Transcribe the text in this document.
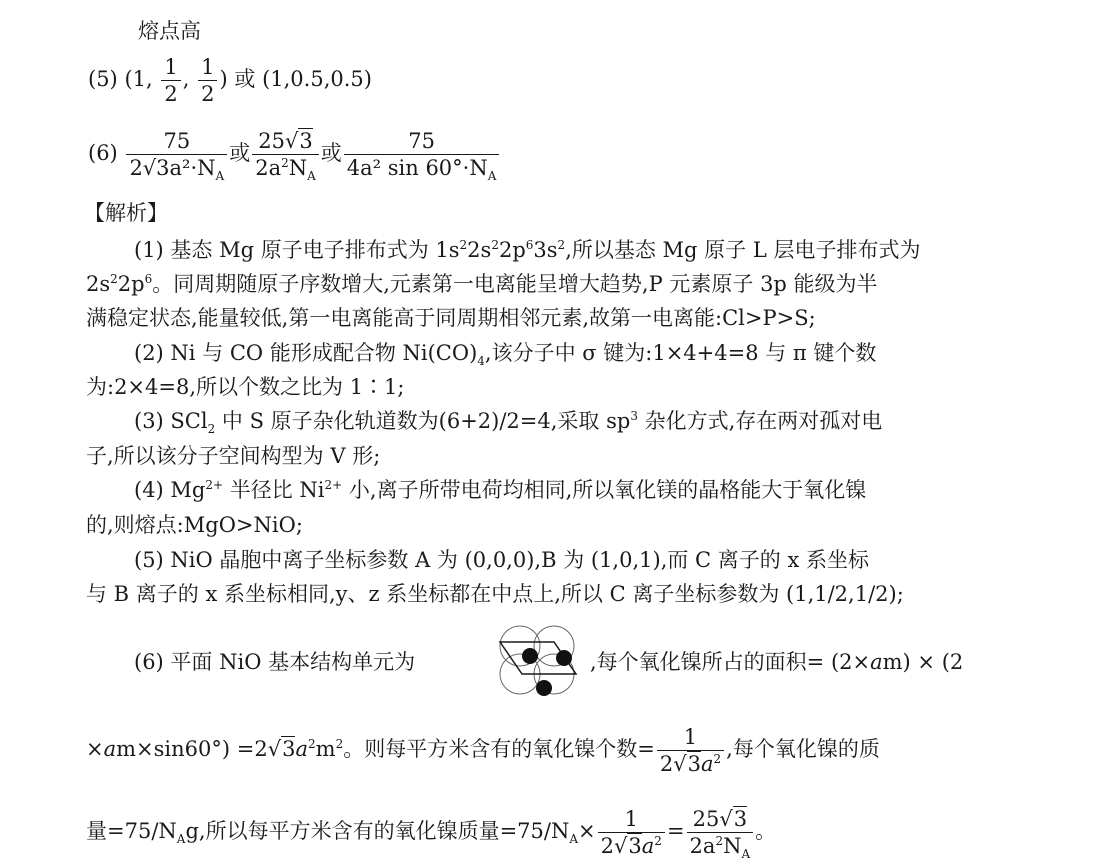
熔点高
(5) (1, $\frac{1}{2}$ , $\frac{1}{2}$ ) 或 (1,0.5,0.5)
$(6) \frac{75}{2√3a^2\cdot N_A}$ 或 $\frac{25√3}{2a^2N_A}$ 或 $\frac{75}{4a^2 \sin 60^\circ\cdot N_A}$
【解析】
(1) 基态 Mg 原子电子排布式为 $1s^22s^22p^63s^2$,所以基态 Mg 原子 L 层电子排布式为
$2s^22p^6$。同周期随原子序数增大,元素第一电离能呈增大趋势,P 元素原子 3p 能级为半
满稳定状态,能量较低,第一电离能高于同周期相邻元素,故第一电离能:Cl>P>S;
(2) Ni 与 CO 能形成配合物 $Ni(CO)_4$,该分子中 σ 键为:1×4+4=8 与 π 键个数
为:2×4=8,所以个数之比为 1∶1;
(3) SCl$_2$ 中 S 原子杂化轨道数为(6+2)/2=4,采取 $sp^3$ 杂化方式,存在两对孤对电
子,所以该分子空间构型为 V 形;
(4) $Mg^{2+}$ 半径比 $Ni^{2+}$ 小,离子所带电荷均相同,所以氧化镁的晶格能大于氧化镍
的,则熔点:MgO>NiO;
(5) NiO 晶胞中离子坐标参数 A 为 (0,0,0),B 为 (1,0,1),而 C 离子的 x 系坐标
与 B 离子的 x 系坐标相同,y、z 系坐标都在中点上,所以 C 离子坐标参数为 (1,1/2,1/2);
(6) 平面 NiO 基本结构单元为	,每个氧化镍所占的面积= (2×am) × (2
$\times am\times\sin 60^\circ) =2√3a^2m^2$。则每平方米含有的氧化镍个数= $\frac{1}{2√3a^2}$ ,每个氧化镍的质
量$=75/N_Ag$,所以每平方米含有的氧化镍质量$=75/N_A\times \frac{1}{2√3a^2} = \frac{25√3}{2a^2N_A}$ 。
